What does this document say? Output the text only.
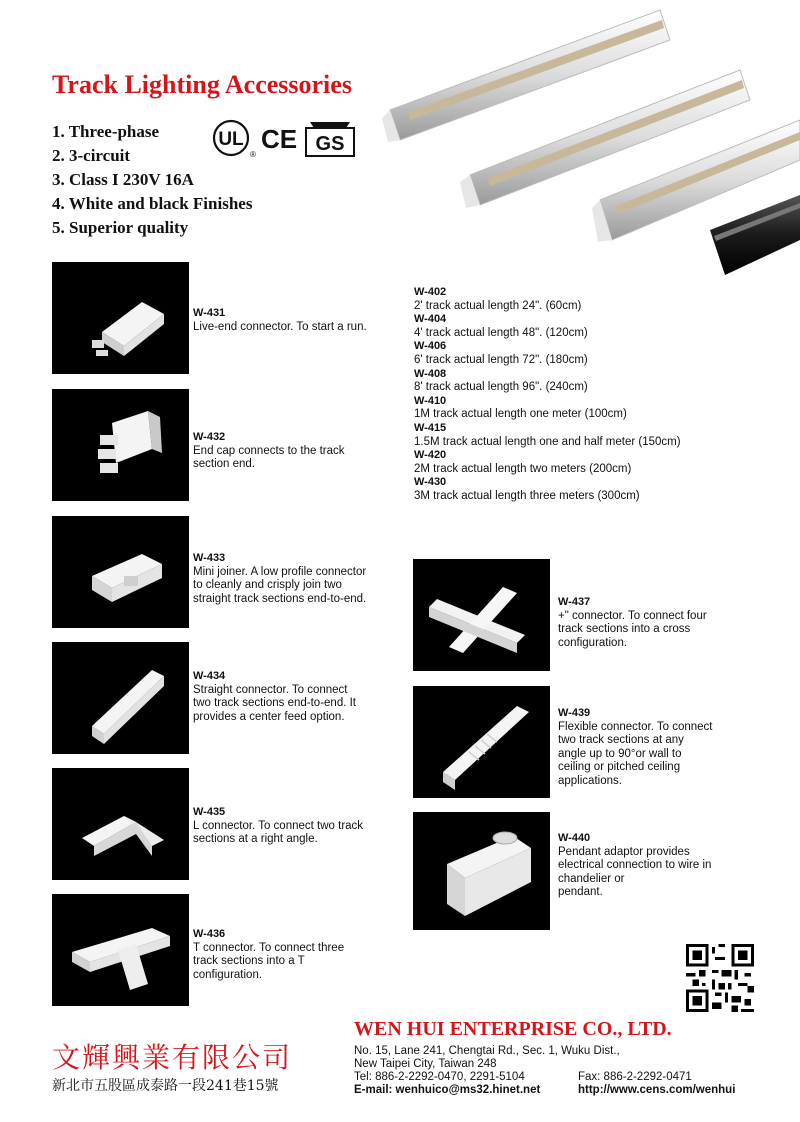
Track Lighting Accessories
1. Three-phase
2. 3-circuit
3. Class I 230V 16A
4. White and black Finishes
5. Superior quality
UL
®
CE GS
W-402
2' track actual length 24". (60cm)
W-404
4' track actual length 48". (120cm)
W-406
6' track actual length 72". (180cm)
W-408
8' track actual length 96". (240cm)
W-410
1M track actual length one meter (100cm)
W-415
1.5M track actual length one and half meter (150cm)
W-420
2M track actual length two meters (200cm)
W-430
3M track actual length three meters (300cm)
W-431
Live-end connector. To start a run.
W-432
End cap connects to the track
section end.
W-433
Mini joiner. A low profile connector
to cleanly and crisply join two
straight track sections end-to-end.
W-434
Straight connector. To connect
two track sections end-to-end. It
provides a center feed option.
W-435
L connector. To connect two track
sections at a right angle.
W-436
T connector. To connect three
track sections into a T
configuration.
W-437
+" connector. To connect four
track sections into a cross
configuration.
W-439
Flexible connector. To connect
two track sections at any
angle up to 90°or wall to
ceiling or pitched ceiling
applications.
W-440
Pendant adaptor provides
electrical connection to wire in
chandelier or
pendant.
文輝興業有限公司
新北市五股區成泰路一段241巷15號
WEN HUI ENTERPRISE CO., LTD.
No. 15, Lane 241, Chengtai Rd., Sec. 1, Wuku Dist.,
New Taipei City, Taiwan 248
Tel: 886-2-2292-0470, 2291-5104	Fax: 886-2-2292-0471
E-mail: wenhuico@ms32.hinet.net	http://www.cens.com/wenhui
